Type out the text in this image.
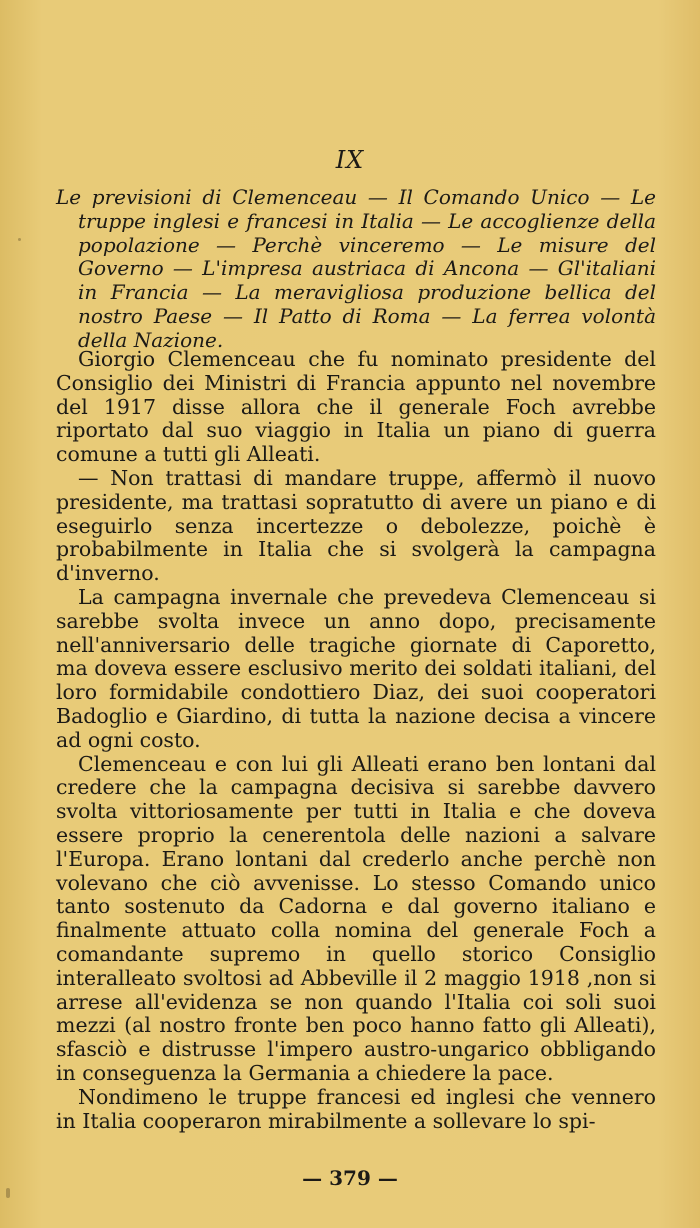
IX

Le previsioni di Clemenceau — Il Comando Unico — Le truppe inglesi e francesi in Italia — Le accoglienze della popolazione — Perchè vinceremo — Le misure del Governo — L'impresa austriaca di Ancona — Gl'italiani in Francia — La meravigliosa produzione bellica del nostro Paese — Il Patto di Roma — La ferrea volontà della Nazione.

Giorgio Clemenceau che fu nominato presidente del Consiglio dei Ministri di Francia appunto nel novembre del 1917 disse allora che il generale Foch avrebbe riportato dal suo viaggio in Italia un piano di guerra comune a tutti gli Alleati.

— Non trattasi di mandare truppe, affermò il nuovo presidente, ma trattasi sopratutto di avere un piano e di eseguirlo senza incertezze o debolezze, poichè è probabilmente in Italia che si svolgerà la campagna d'inverno.

La campagna invernale che prevedeva Clemenceau si sarebbe svolta invece un anno dopo, precisamente nell'anniversario delle tragiche giornate di Caporetto, ma doveva essere esclusivo merito dei soldati italiani, del loro formidabile condottiero Diaz, dei suoi cooperatori Badoglio e Giardino, di tutta la nazione decisa a vincere ad ogni costo.

Clemenceau e con lui gli Alleati erano ben lontani dal credere che la campagna decisiva si sarebbe davvero svolta vittoriosamente per tutti in Italia e che doveva essere proprio la cenerentola delle nazioni a salvare l'Europa. Erano lontani dal crederlo anche perchè non volevano che ciò avvenisse. Lo stesso Comando unico tanto sostenuto da Cadorna e dal governo italiano e finalmente attuato colla nomina del generale Foch a comandante supremo in quello storico Consiglio interalleato svoltosi ad Abbeville il 2 maggio 1918 ,non si arrese all'evidenza se non quando l'Italia coi soli suoi mezzi (al nostro fronte ben poco hanno fatto gli Alleati), sfasciò e distrusse l'impero austro-ungarico obbligando in conseguenza la Germania a chiedere la pace.

Nondimeno le truppe francesi ed inglesi che vennero in Italia cooperaron mirabilmente a sollevare lo spi-

— 379 —
